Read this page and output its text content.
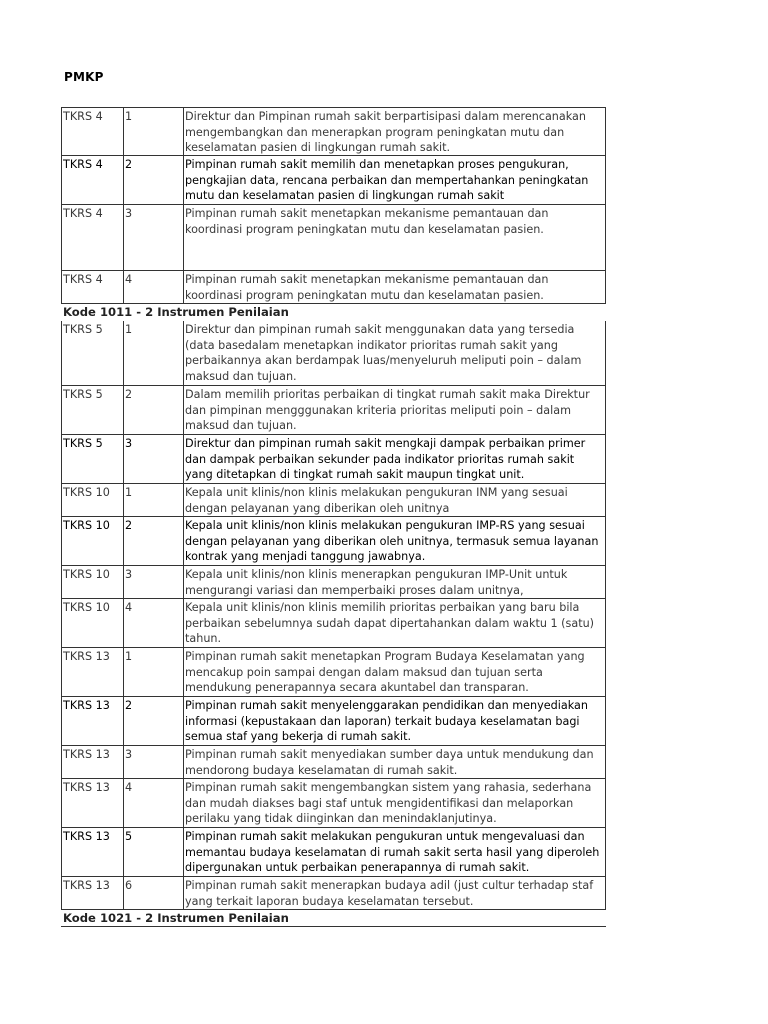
PMKP
TKRS 4	1	Direktur dan Pimpinan rumah sakit berpartisipasi dalam merencanakan mengembangkan dan menerapkan program peningkatan mutu dan keselamatan pasien di lingkungan rumah sakit.
TKRS 4	2	Pimpinan rumah sakit memilih dan menetapkan proses pengukuran, pengkajian data, rencana perbaikan dan mempertahankan peningkatan mutu dan keselamatan pasien di lingkungan rumah sakit
TKRS 4	3	Pimpinan rumah sakit menetapkan mekanisme pemantauan dan koordinasi program peningkatan mutu dan keselamatan pasien.
TKRS 4	4	Pimpinan rumah sakit menetapkan mekanisme pemantauan dan koordinasi program peningkatan mutu dan keselamatan pasien.
Kode 1011 - 2 Instrumen Penilaian
TKRS 5	1	Direktur dan pimpinan rumah sakit menggunakan data yang tersedia (data basedalam menetapkan indikator prioritas rumah sakit yang perbaikannya akan berdampak luas/menyeluruh meliputi poin – dalam maksud dan tujuan.
TKRS 5	2	Dalam memilih prioritas perbaikan di tingkat rumah sakit maka Direktur dan pimpinan mengggunakan kriteria prioritas meliputi poin – dalam maksud dan tujuan.
TKRS 5	3	Direktur dan pimpinan rumah sakit mengkaji dampak perbaikan primer dan dampak perbaikan sekunder pada indikator prioritas rumah sakit yang ditetapkan di tingkat rumah sakit maupun tingkat unit.
TKRS 10	1	Kepala unit klinis/non klinis melakukan pengukuran INM yang sesuai dengan pelayanan yang diberikan oleh unitnya
TKRS 10	2	Kepala unit klinis/non klinis melakukan pengukuran IMP-RS yang sesuai dengan pelayanan yang diberikan oleh unitnya, termasuk semua layanan kontrak yang menjadi tanggung jawabnya.
TKRS 10	3	Kepala unit klinis/non klinis menerapkan pengukuran IMP-Unit untuk mengurangi variasi dan memperbaiki proses dalam unitnya,
TKRS 10	4	Kepala unit klinis/non klinis memilih prioritas perbaikan yang baru bila perbaikan sebelumnya sudah dapat dipertahankan dalam waktu 1 (satu) tahun.
TKRS 13	1	Pimpinan rumah sakit menetapkan Program Budaya Keselamatan yang mencakup poin sampai dengan dalam maksud dan tujuan serta mendukung penerapannya secara akuntabel dan transparan.
TKRS 13	2	Pimpinan rumah sakit menyelenggarakan pendidikan dan menyediakan informasi (kepustakaan dan laporan) terkait budaya keselamatan bagi semua staf yang bekerja di rumah sakit.
TKRS 13	3	Pimpinan rumah sakit menyediakan sumber daya untuk mendukung dan mendorong budaya keselamatan di rumah sakit.
TKRS 13	4	Pimpinan rumah sakit mengembangkan sistem yang rahasia, sederhana dan mudah diakses bagi staf untuk mengidentifikasi dan melaporkan perilaku yang tidak diinginkan dan menindaklanjutinya.
TKRS 13	5	Pimpinan rumah sakit melakukan pengukuran untuk mengevaluasi dan memantau budaya keselamatan di rumah sakit serta hasil yang diperoleh dipergunakan untuk perbaikan penerapannya di rumah sakit.
TKRS 13	6	Pimpinan rumah sakit menerapkan budaya adil (just cultur terhadap staf yang terkait laporan budaya keselamatan tersebut.
Kode 1021 - 2 Instrumen Penilaian
